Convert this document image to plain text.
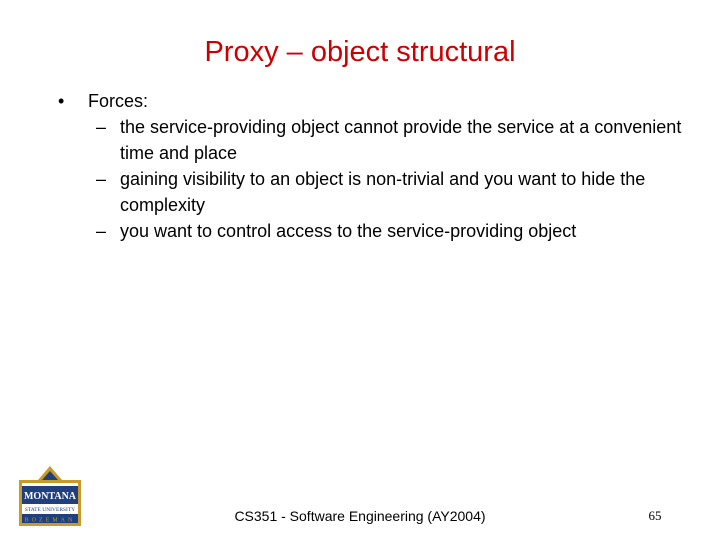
Proxy – object structural
• Forces:
– the service-providing object cannot provide the service at a convenient time and place
– gaining visibility to an object is non-trivial and you want to hide the complexity
– you want to control access to the service-providing object
MONTANA
STATE UNIVERSITY
BOZEMAN	CS351 - Software Engineering (AY2004)	65
